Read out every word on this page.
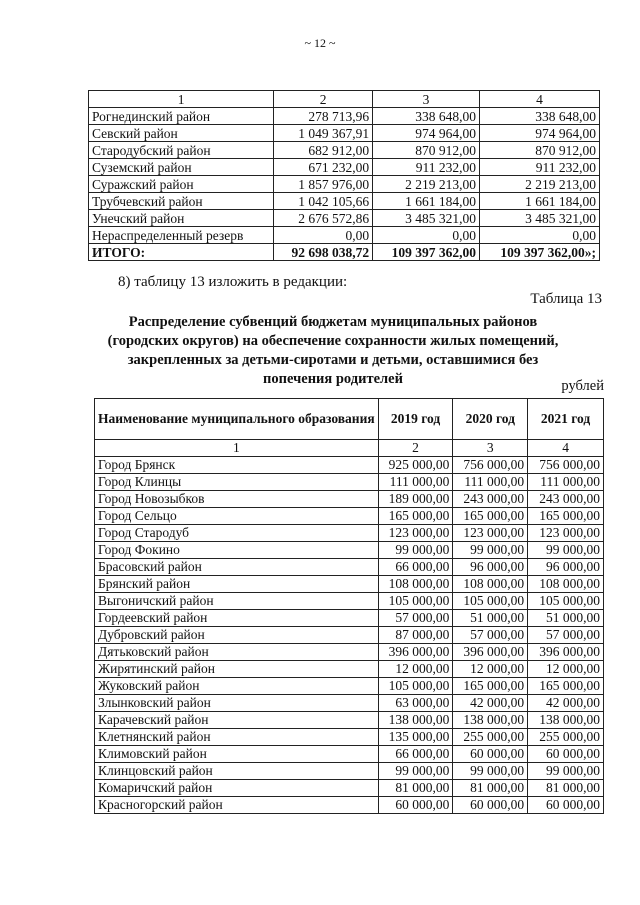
~ 12 ~
1	2	3	4
Рогнединский район	278 713,96	338 648,00	338 648,00
Севский район	1 049 367,91	974 964,00	974 964,00
Стародубский район	682 912,00	870 912,00	870 912,00
Суземский район	671 232,00	911 232,00	911 232,00
Суражский район	1 857 976,00	2 219 213,00	2 219 213,00
Трубчевский район	1 042 105,66	1 661 184,00	1 661 184,00
Унечский район	2 676 572,86	3 485 321,00	3 485 321,00
Нераспределенный резерв	0,00	0,00	0,00
ИТОГО:	92 698 038,72	109 397 362,00	109 397 362,00»;
8) таблицу 13 изложить в редакции:
Таблица 13
Распределение субвенций бюджетам муниципальных районов (городских округов) на обеспечение сохранности жилых помещений, закрепленных за детьми-сиротами и детьми, оставшимися без попечения родителей	рублей
Наименование муниципального образования	2019 год	2020 год	2021 год
1	2	3	4
Город Брянск	925 000,00	756 000,00	756 000,00
Город Клинцы	111 000,00	111 000,00	111 000,00
Город Новозыбков	189 000,00	243 000,00	243 000,00
Город Сельцо	165 000,00	165 000,00	165 000,00
Город Стародуб	123 000,00	123 000,00	123 000,00
Город Фокино	99 000,00	99 000,00	99 000,00
Брасовский район	66 000,00	96 000,00	96 000,00
Брянский район	108 000,00	108 000,00	108 000,00
Выгоничский район	105 000,00	105 000,00	105 000,00
Гордеевский район	57 000,00	51 000,00	51 000,00
Дубровский район	87 000,00	57 000,00	57 000,00
Дятьковский район	396 000,00	396 000,00	396 000,00
Жирятинский район	12 000,00	12 000,00	12 000,00
Жуковский район	105 000,00	165 000,00	165 000,00
Злынковский район	63 000,00	42 000,00	42 000,00
Карачевский район	138 000,00	138 000,00	138 000,00
Клетнянский район	135 000,00	255 000,00	255 000,00
Климовский район	66 000,00	60 000,00	60 000,00
Клинцовский район	99 000,00	99 000,00	99 000,00
Комаричский район	81 000,00	81 000,00	81 000,00
Красногорский район	60 000,00	60 000,00	60 000,00
